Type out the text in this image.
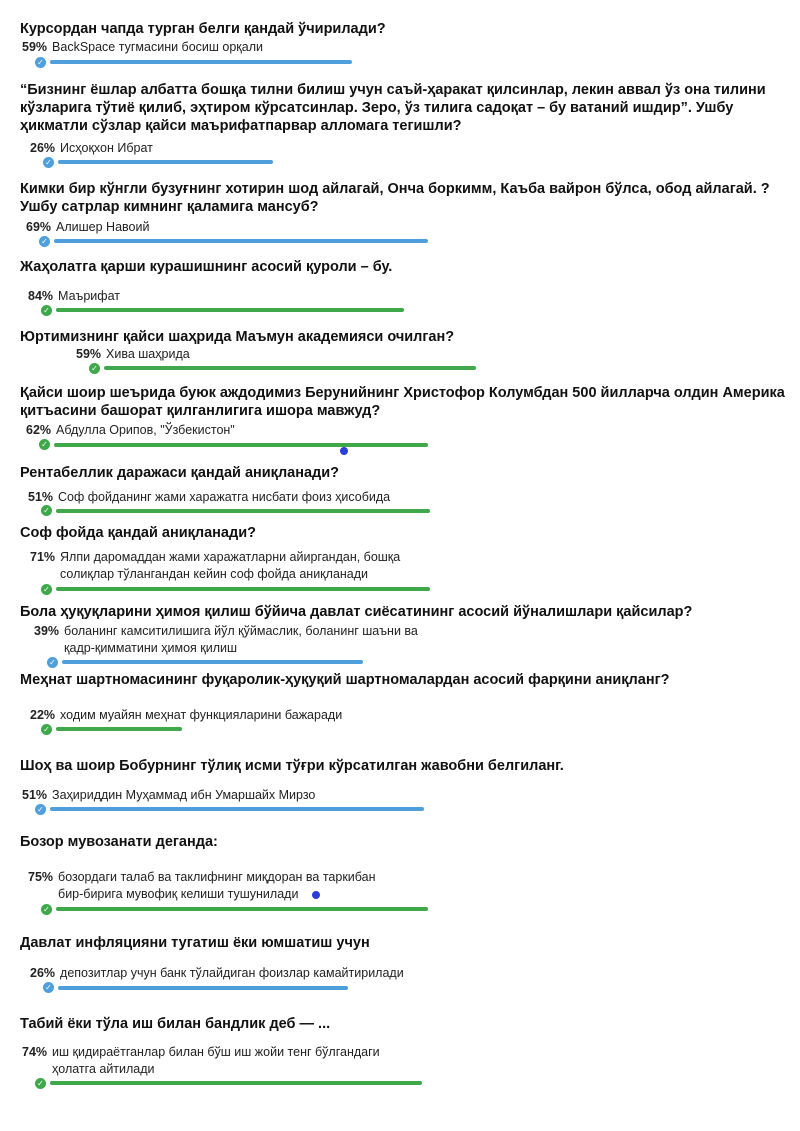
Курсордан чапда турган белги қандай ўчирилади?
59% BackSpace тугмасини босиш орқали
✓
“Бизнинг ёшлар албатта бошқа тилни билиш учун саъй-ҳаракат қилсинлар, лекин аввал ўз она тилини кўзларига тўтиё қилиб, эҳтиром кўрсатсинлар. Зеро, ўз тилига садоқат – бу ватаний ишдир”. Ушбу ҳикматли сўзлар қайси маърифатпарвар алломага тегишли?
26% Исҳоқхон Ибрат
✓
Кимки бир кўнгли бузуғнинг хотирин шод айлагай, Онча боркимм, Каъба вайрон бўлса, обод айлагай. ?Ушбу сатрлар кимнинг қаламига мансуб?
69% Алишер Навоий
✓
Жаҳолатга қарши курашишнинг асосий қуроли – бу.
84% Маърифат
✓
Юртимизнинг қайси шаҳрида Маъмун академияси очилган?
59% Хива шаҳрида
✓
Қайси шоир шеърида буюк аждодимиз Берунийнинг Христофор Колумбдан 500 йилларча олдин Америка қитъасини башорат қилганлигига ишора мавжуд?
62% Абдулла Орипов, "Ўзбекистон"
✓
Рентабеллик даражаси қандай аниқланади?
51% Соф фойданинг жами харажатга нисбати фоиз ҳисобида
✓
Соф фойда қандай аниқланади?
71% Ялпи даромаддан жами харажатларни айиргандан, бошқа солиқлар тўлангандан кейин соф фойда аниқланади
✓
Бола ҳуқуқларини ҳимоя қилиш бўйича давлат сиёсатининг асосий йўналишлари қайсилар?
39% боланинг камситилишига йўл қўймаслик, боланинг шаъни ва қадр-қимматини ҳимоя қилиш
✓
Меҳнат шартномасининг фуқаролик-ҳуқуқий шартномалардан асосий фарқини аниқланг?
22% ходим муайян меҳнат функцияларини бажаради
✓
Шоҳ ва шоир Бобурнинг тўлиқ исми тўғри кўрсатилган жавобни белгиланг.
51% Заҳириддин Муҳаммад ибн Умаршайх Мирзо
✓
Бозор мувозанати деганда:
75% бозордаги талаб ва таклифнинг миқдоран ва таркибан бир-бирига мувофиқ келиши тушунилади
✓
Давлат инфляцияни тугатиш ёки юмшатиш учун
26% депозитлар учун банк тўлайдиган фоизлар камайтирилади
✓
Табий ёки тўла иш билан бандлик деб — ...
74% иш қидираётганлар билан бўш иш жойи тенг бўлгандаги ҳолатга айтилади
✓
